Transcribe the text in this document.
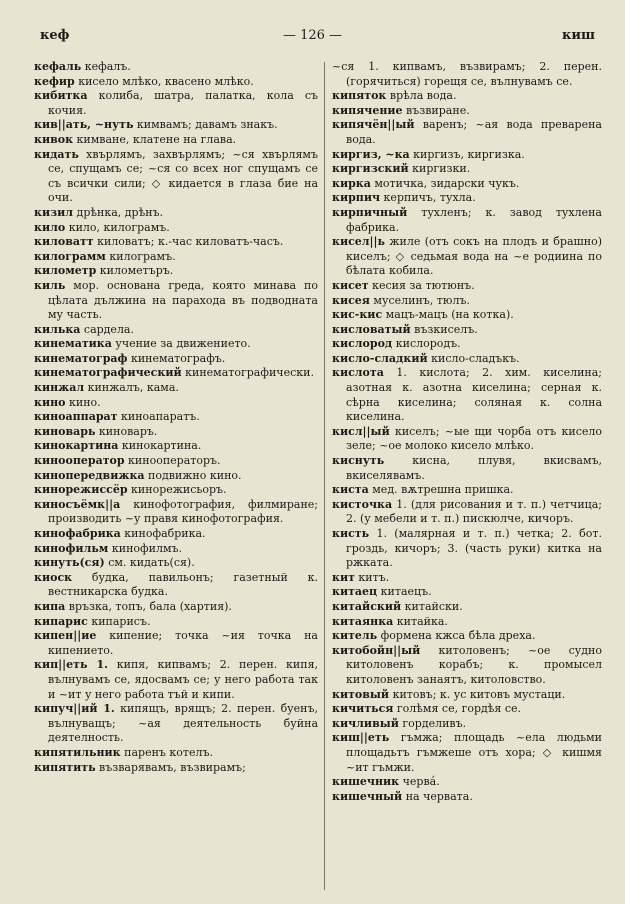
кеф	— 126 —	киш

кефаль кефалъ.

кефир кисело млѣко, квасено млѣко.

кибитка колиба, шатра, палатка, кола съ кочия.

кив||ать, ~нуть кимвамъ; давамъ знакъ.

кивок кимване, клатене на глава.

кидать хвърлямъ, захвърлямъ; ~ся хвърлямъ се, спущамъ се; ~ся со всех ног спущамъ се съ всички сили; ◇ кидается в глаза бие на очи.

кизил дрѣнка, дрѣнъ.

кило кило, килограмъ.

киловатт киловатъ; к.-час киловатъ-часъ.

килограмм килограмъ.

километр километъръ.

киль мор. основана греда, която минава по цѣлата дължина на парахода въ подводната му часть.

килька сардела.

кинематика учение за движението.

кинематограф кинематографъ.

кинематографический кинематографически.

кинжал кинжалъ, кама.

кино кино.

киноаппарат киноапаратъ.

киноварь киноваръ.

кинокартина кинокартина.

кинооператор кинооператоръ.

кинопередвижка подвижно кино.

кинорежиссёр кинорежисьоръ.

киносъёмк||а кинофотография, филмиране; производить ~у правя кинофотография.

кинофабрика кинофабрика.

кинофильм кинофилмъ.

кинуть(ся) см. кидать(ся).

киоск будка, павильонъ; газетный к. вестникарска будка.

кипа връзка, топъ, бала (хартия).

кипарис кипарисъ.

кипен||ие кипение; точка ~ия точка на кипението.

кип||еть 1. кипя, кипвамъ; 2. перен. кипя, вълнувамъ се, ядосвамъ се; у него работа так и ~ит у него работа тъй и кипи.

кипуч||ий 1. кипящъ, врящъ; 2. перен. буенъ, вълнуващъ; ~ая деятельность буйна деятелность.

кипятильник паренъ котелъ.

кипятить възварявамъ, възвирамъ;

~ся 1. кипвамъ, възвирамъ; 2. перен. (горячиться) горещя се, вълнувамъ се.

кипяток врѣла вода.

кипячение възвиране.

кипячён||ый варенъ; ~ая вода преварена вода.

киргиз, ~ка киргизъ, киргизка.

киргизский киргизки.

кирка мотичка, зидарски чукъ.

кирпич керпичъ, тухла.

кирпичный тухленъ; к. завод тухлена фабрика.

кисел||ь жиле (отъ сокъ на плодъ и брашно) киселъ; ◇ седьмая вода на ~е родиина по бѣлата кобила.

кисет кесия за тютюнъ.

кисея муселинъ, тюлъ.

кис-кис мацъ-мацъ (на котка).

кисловатый възкиселъ.

кислород кислородъ.

кисло-сладкий кисло-сладъкъ.

кислота 1. кислота; 2. хим. киселина; азотная к. азотна киселина; серная к. сѣрна киселина; соляная к. солна киселина.

кисл||ый киселъ; ~ые щи чорба отъ кисело зеле; ~ое молоко кисело млѣко.

киснуть кисна, плувя, вкисвамъ, вкиселявамъ.

киста мед. вѫтрешна пришка.

кисточка 1. (для рисования и т. п.) четчица; 2. (у мебели и т. п.) пискюлче, кичоръ.

кисть 1. (малярная и т. п.) четка; 2. бот. гроздь, кичоръ; 3. (часть руки) китка на ржката.

кит китъ.

китаец китаецъ.

китайский китайски.

китаянка китайка.

китель формена кжса бѣла дреха.

китобойн||ый китоловенъ; ~ое судно китоловенъ корабъ; к. промысел китоловенъ занаятъ, китоловство.

китовый китовъ; к. ус китовъ мустаци.

кичиться голѣмя се, гордѣя се.

кичливый горделивъ.

киш||еть гъмжа; площадь ~ела людьми площадьтъ гъмжеше отъ хора; ◇ кишмя ~ит гъмжи.

кишечник червá.

кишечный на червата.
